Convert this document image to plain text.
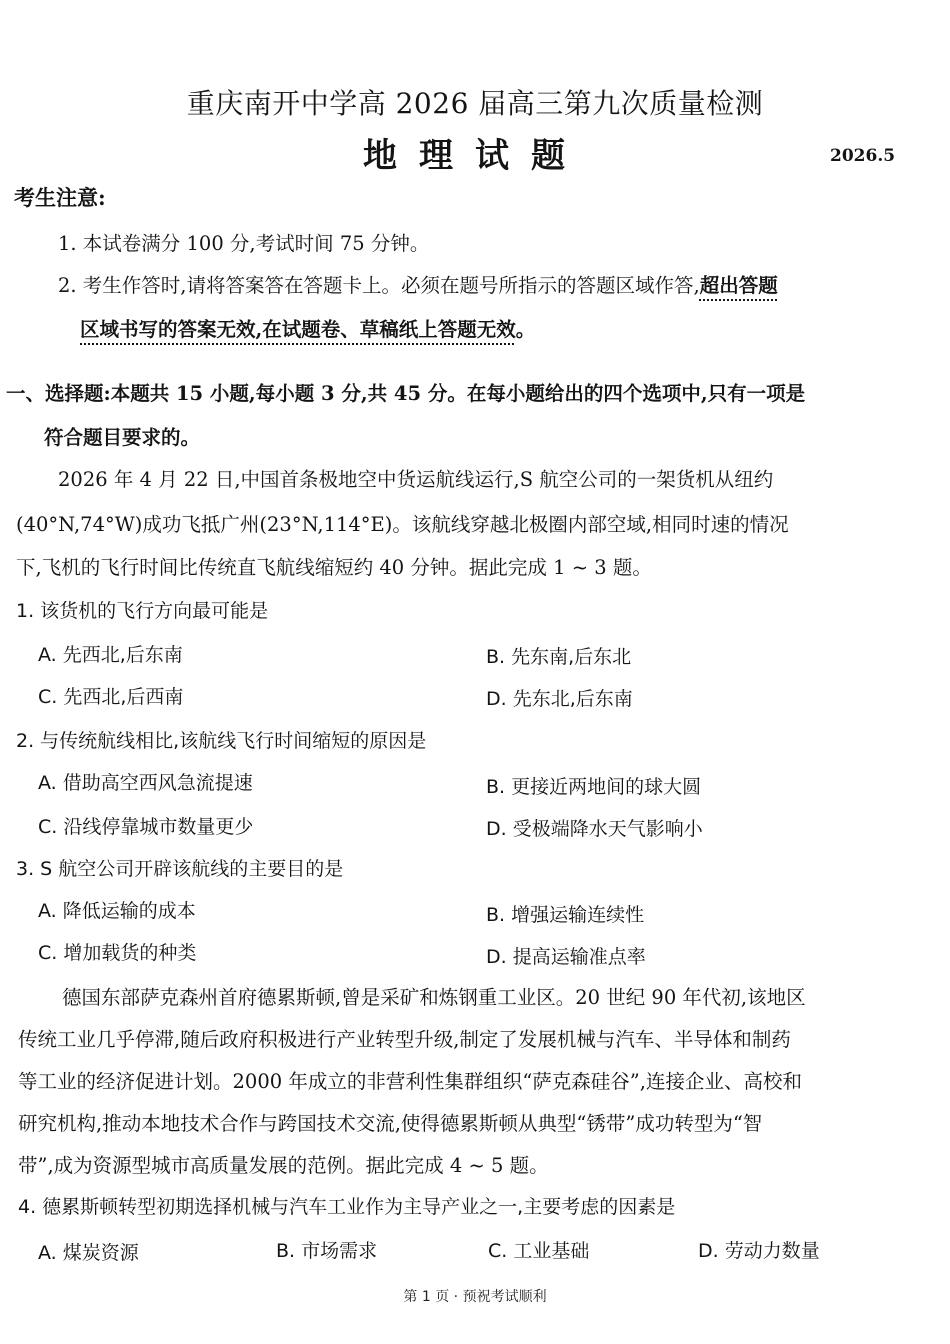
重庆南开中学高 2026 届高三第九次质量检测
地理试题	2026.5
考生注意:
1. 本试卷满分 100 分,考试时间 75 分钟。
2. 考生作答时,请将答案答在答题卡上。必须在题号所指示的答题区域作答,超出答题
区域书写的答案无效,在试题卷、草稿纸上答题无效。
一、选择题:本题共 15 小题,每小题 3 分,共 45 分。在每小题给出的四个选项中,只有一项是
符合题目要求的。
2026 年 4 月 22 日,中国首条极地空中货运航线运行,S 航空公司的一架货机从纽约
(40°N,74°W)成功飞抵广州(23°N,114°E)。该航线穿越北极圈内部空域,相同时速的情况
下,飞机的飞行时间比传统直飞航线缩短约 40 分钟。据此完成 1 ~ 3 题。
1. 该货机的飞行方向最可能是
A. 先西北,后东南	B. 先东南,后东北
C. 先西北,后西南	D. 先东北,后东南
2. 与传统航线相比,该航线飞行时间缩短的原因是
A. 借助高空西风急流提速	B. 更接近两地间的球大圆
C. 沿线停靠城市数量更少	D. 受极端降水天气影响小
3. S 航空公司开辟该航线的主要目的是
A. 降低运输的成本	B. 增强运输连续性
C. 增加载货的种类	D. 提高运输准点率
德国东部萨克森州首府德累斯顿,曾是采矿和炼钢重工业区。20 世纪 90 年代初,该地区
传统工业几乎停滞,随后政府积极进行产业转型升级,制定了发展机械与汽车、半导体和制药
等工业的经济促进计划。2000 年成立的非营利性集群组织“萨克森硅谷”,连接企业、高校和
研究机构,推动本地技术合作与跨国技术交流,使得德累斯顿从典型“锈带”成功转型为“智
带”,成为资源型城市高质量发展的范例。据此完成 4 ~ 5 题。
4. 德累斯顿转型初期选择机械与汽车工业作为主导产业之一,主要考虑的因素是
A. 煤炭资源	B. 市场需求	C. 工业基础	D. 劳动力数量
第 1 页 · 预祝考试顺利
